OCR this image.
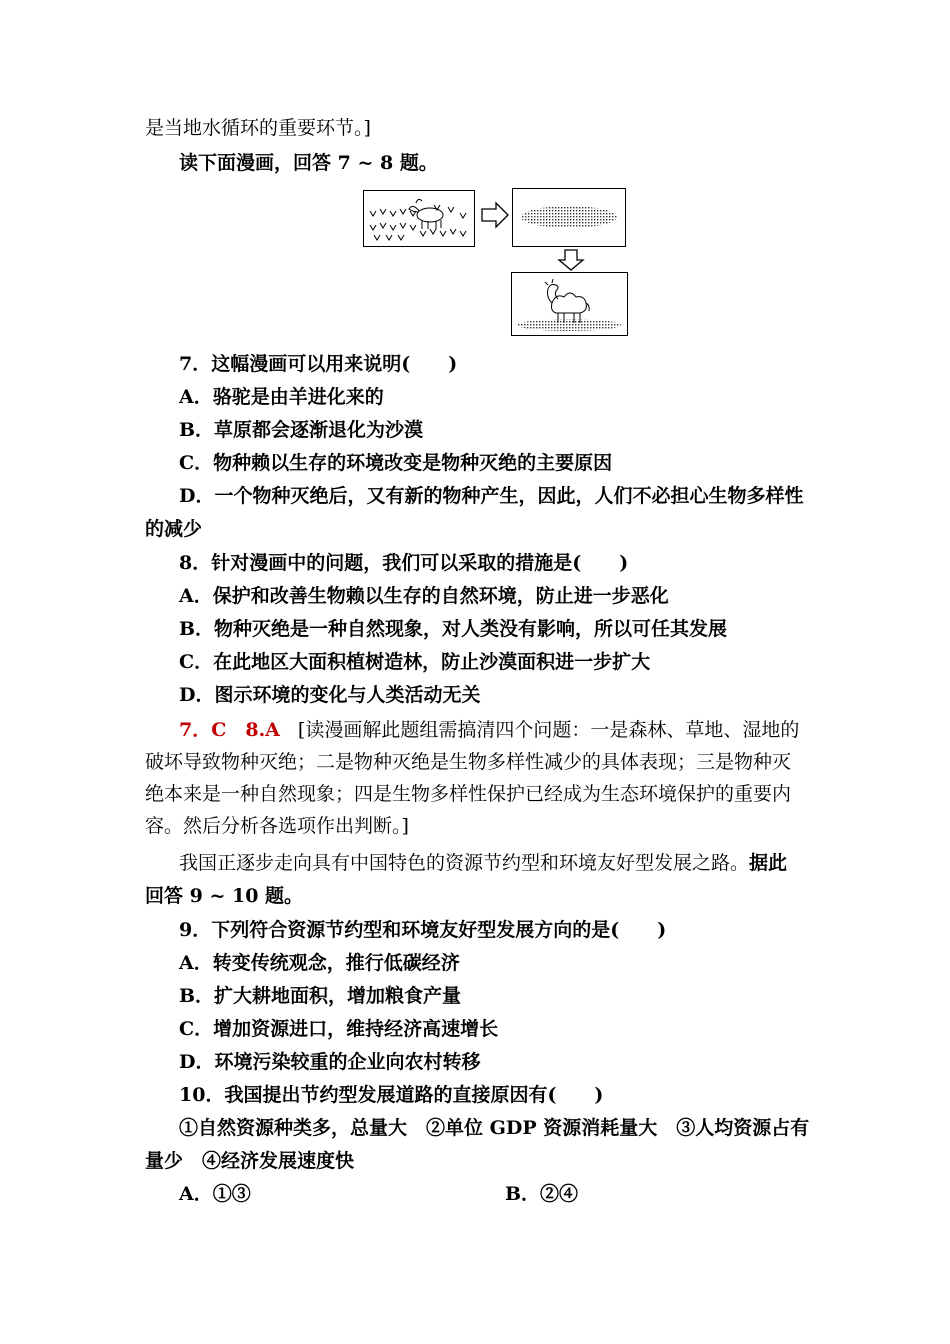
是当地水循环的重要环节。]
读下面漫画，回答 7 ~ 8 题。
7．这幅漫画可以用来说明(　　)
A．骆驼是由羊进化来的
B．草原都会逐渐退化为沙漠
C．物种赖以生存的环境改变是物种灭绝的主要原因
D．一个物种灭绝后，又有新的物种产生，因此，人们不必担心生物多样性
的减少
8．针对漫画中的问题，我们可以采取的措施是(　　)
A．保护和改善生物赖以生存的自然环境，防止进一步恶化
B．物种灭绝是一种自然现象，对人类没有影响，所以可任其发展
C．在此地区大面积植树造林，防止沙漠面积进一步扩大
D．图示环境的变化与人类活动无关
7．C　8.A [读漫画解此题组需搞清四个问题：一是森林、草地、湿地的
破坏导致物种灭绝；二是物种灭绝是生物多样性减少的具体表现；三是物种灭
绝本来是一种自然现象；四是生物多样性保护已经成为生态环境保护的重要内
容。然后分析各选项作出判断。]
我国正逐步走向具有中国特色的资源节约型和环境友好型发展之路。据此
回答 9 ~ 10 题。
9．下列符合资源节约型和环境友好型发展方向的是(　　)
A．转变传统观念，推行低碳经济
B．扩大耕地面积，增加粮食产量
C．增加资源进口，维持经济高速增长
D．环境污染较重的企业向农村转移
10．我国提出节约型发展道路的直接原因有(　　)
①自然资源种类多，总量大　②单位 GDP 资源消耗量大　③人均资源占有
量少　④经济发展速度快
A．①③	B．②④
